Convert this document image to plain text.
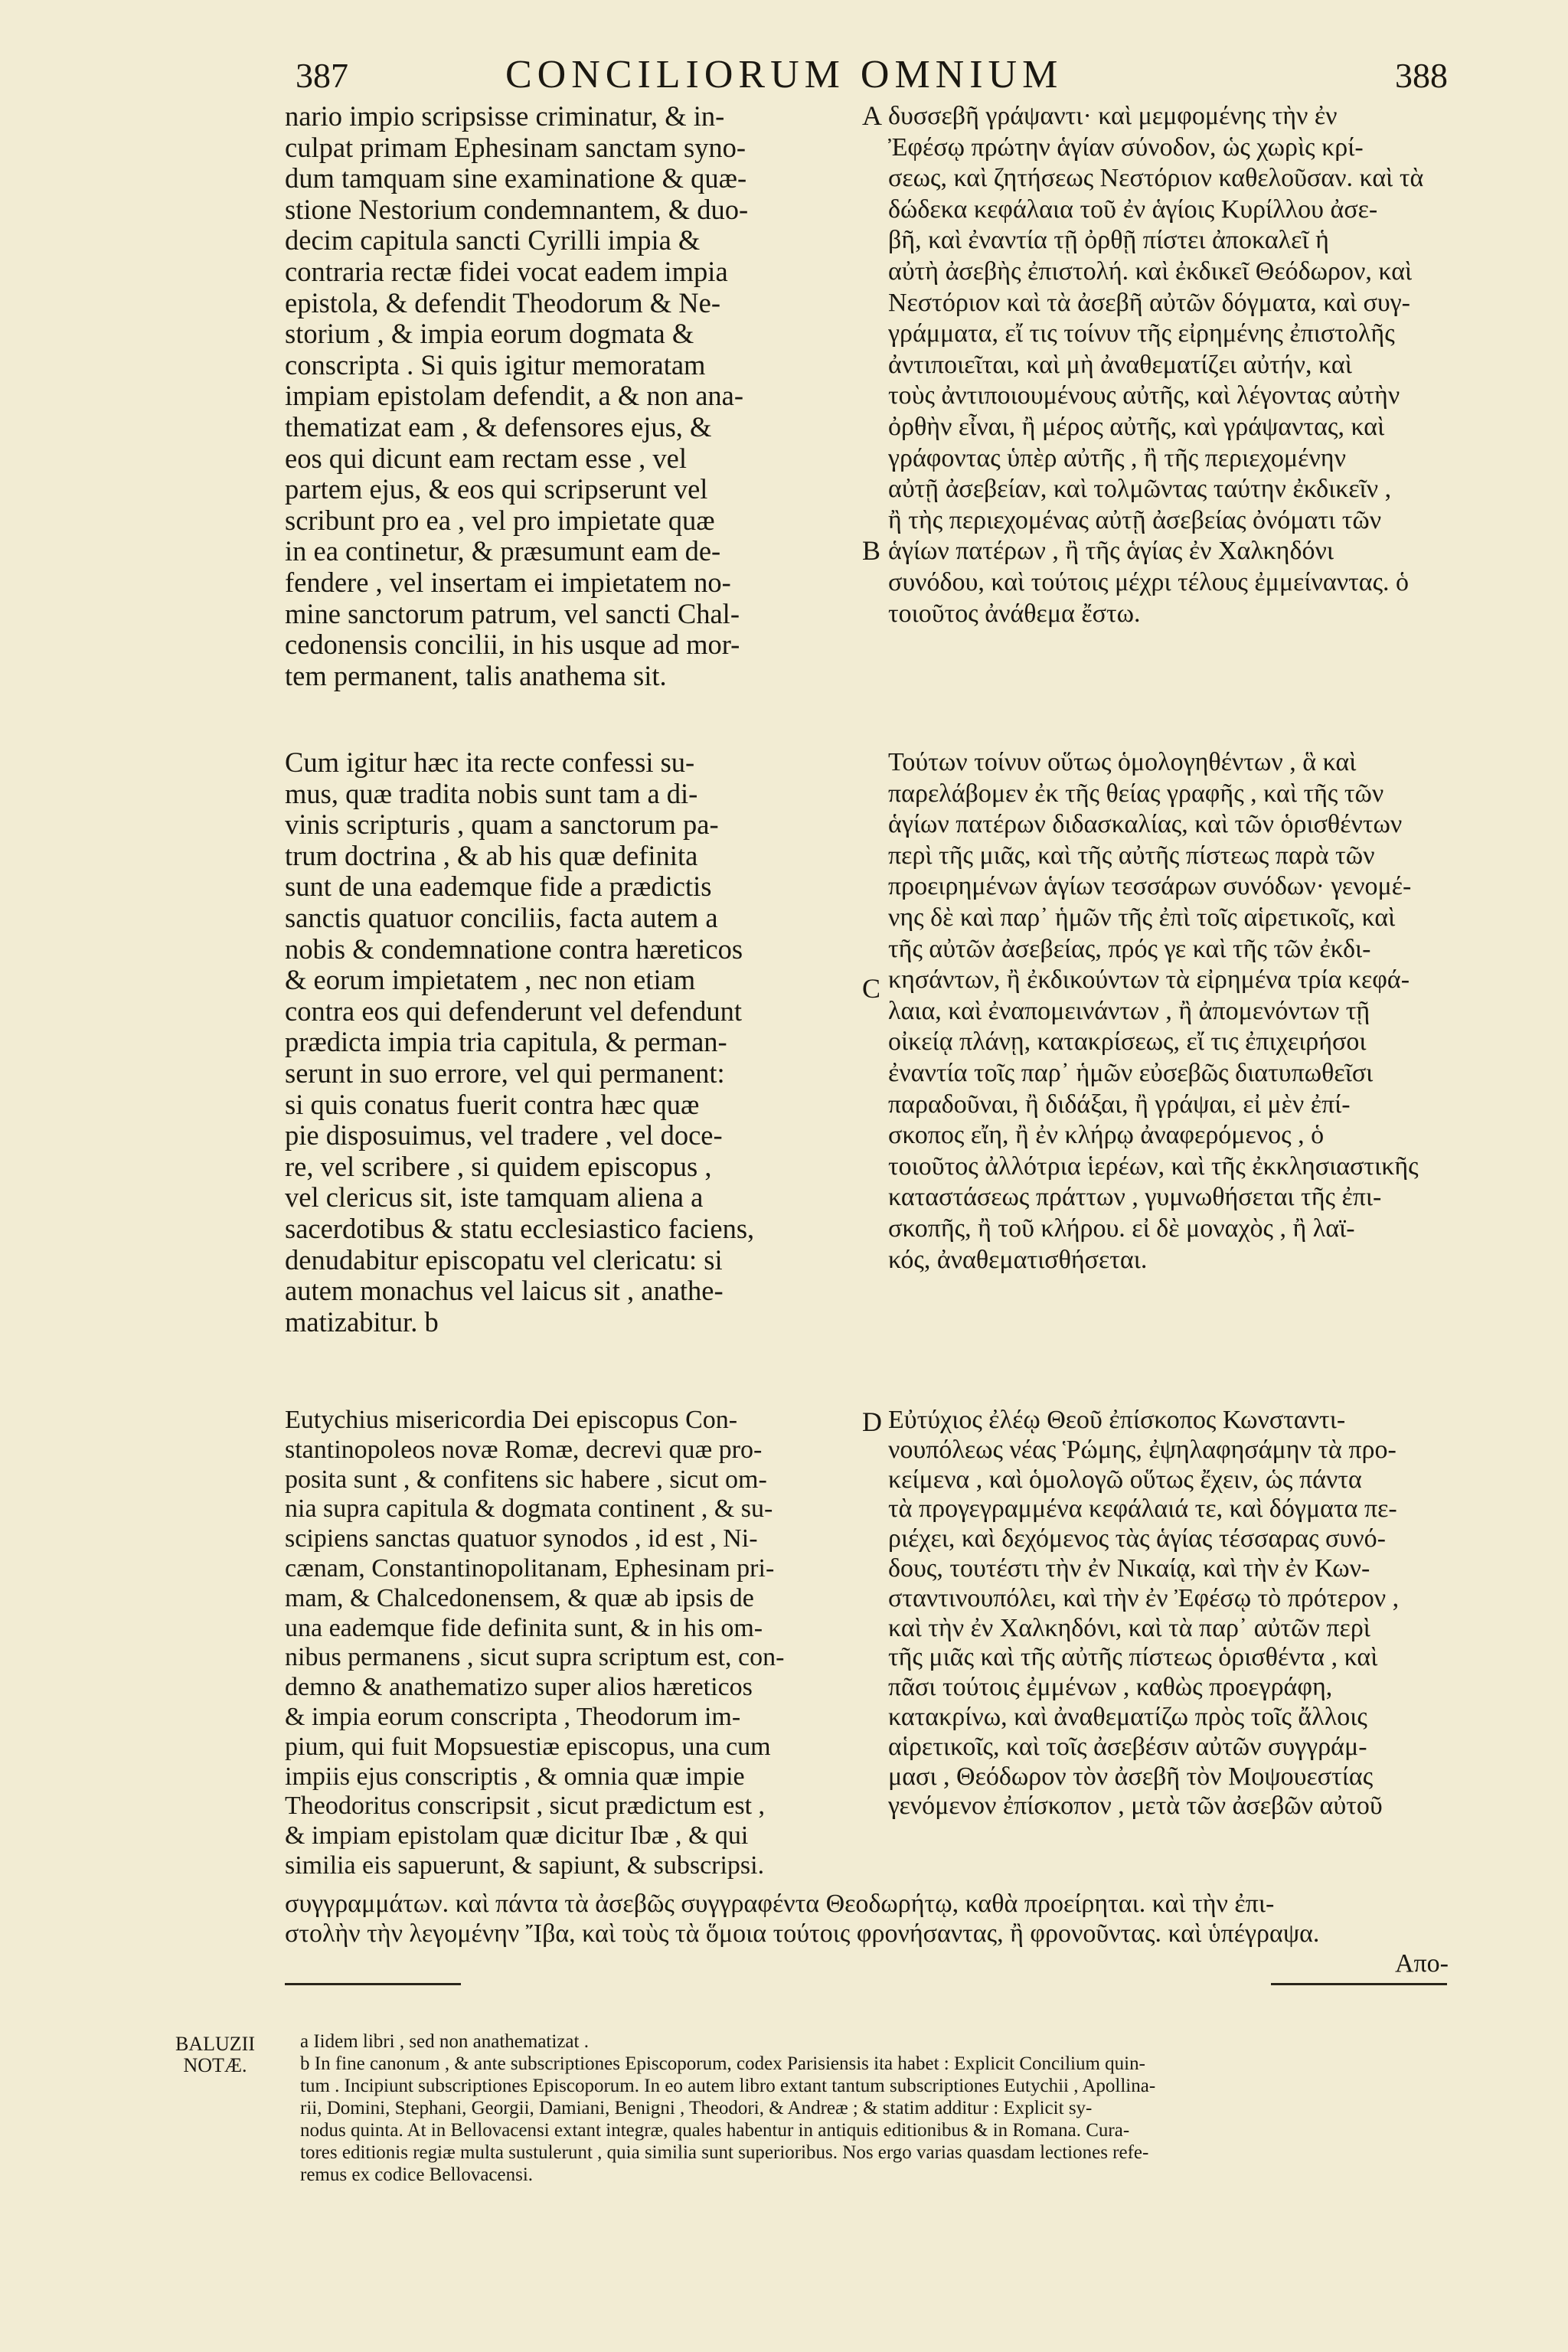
387	CONCILIORUM OMNIUM	388
A
B
C
D
nario impio scripsisse criminatur, & in-
culpat primam Ephesinam sanctam syno-
dum tamquam sine examinatione & quæ-
stione Nestorium condemnantem, & duo-
decim capitula sancti Cyrilli impia &
contraria rectæ fidei vocat eadem impia
epistola, & defendit Theodorum & Ne-
storium , & impia eorum dogmata &
conscripta . Si quis igitur memoratam
impiam epistolam defendit, a & non ana-
thematizat eam , & defensores ejus, &
eos qui dicunt eam rectam esse , vel
partem ejus, & eos qui scripserunt vel
scribunt pro ea , vel pro impietate quæ
in ea continetur, & præsumunt eam de-
fendere , vel insertam ei impietatem no-
mine sanctorum patrum, vel sancti Chal-
cedonensis concilii, in his usque ad mor-
tem permanent, talis anathema sit.
δυσσεβῆ γράψαντι· καὶ μεμφομένης τὴν ἐν
Ἐφέσῳ πρώτην ἁγίαν σύνοδον, ὡς χωρὶς κρί-
σεως, καὶ ζητήσεως Νεστόριον καθελοῦσαν. καὶ τὰ
δώδεκα κεφάλαια τοῦ ἐν ἁγίοις Κυρίλλου ἀσε-
βῆ, καὶ ἐναντία τῇ ὀρθῇ πίστει ἀποκαλεῖ ἡ
αὐτὴ ἀσεβὴς ἐπιστολή. καὶ ἐκδικεῖ Θεόδωρον, καὶ
Νεστόριον καὶ τὰ ἀσεβῆ αὐτῶν δόγματα, καὶ συγ-
γράμματα, εἴ τις τοίνυν τῆς εἰρημένης ἐπιστολῆς
ἀντιποιεῖται, καὶ μὴ ἀναθεματίζει αὐτήν, καὶ
τοὺς ἀντιποιουμένους αὐτῆς, καὶ λέγοντας αὐτὴν
ὀρθὴν εἶναι, ἢ μέρος αὐτῆς, καὶ γράψαντας, καὶ
γράφοντας ὑπὲρ αὐτῆς , ἢ τῆς περιεχομένην
αὐτῇ ἀσεβείαν, καὶ τολμῶντας ταύτην ἐκδικεῖν ,
ἢ τὴς περιεχομένας αὐτῇ ἀσεβείας ὀνόματι τῶν
ἁγίων πατέρων , ἢ τῆς ἁγίας ἐν Χαλκηδόνι
συνόδου, καὶ τούτοις μέχρι τέλους ἐμμείναντας. ὁ
τοιοῦτος ἀνάθεμα ἔστω.
Cum igitur hæc ita recte confessi su-
mus, quæ tradita nobis sunt tam a di-
vinis scripturis , quam a sanctorum pa-
trum doctrina , & ab his quæ definita
sunt de una eademque fide a prædictis
sanctis quatuor conciliis, facta autem a
nobis & condemnatione contra hæreticos
& eorum impietatem , nec non etiam
contra eos qui defenderunt vel defendunt
prædicta impia tria capitula, & perman-
serunt in suo errore, vel qui permanent:
si quis conatus fuerit contra hæc quæ
pie disposuimus, vel tradere , vel doce-
re, vel scribere , si quidem episcopus ,
vel clericus sit, iste tamquam aliena a
sacerdotibus & statu ecclesiastico faciens,
denudabitur episcopatu vel clericatu: si
autem monachus vel laicus sit , anathe-
matizabitur. b
Τούτων τοίνυν οὕτως ὁμολογηθέντων , ἃ καὶ
παρελάβομεν ἐκ τῆς θείας γραφῆς , καὶ τῆς τῶν
ἁγίων πατέρων διδασκαλίας, καὶ τῶν ὁρισθέντων
περὶ τῆς μιᾶς, καὶ τῆς αὐτῆς πίστεως παρὰ τῶν
προειρημένων ἁγίων τεσσάρων συνόδων· γενομέ-
νης δὲ καὶ παρ᾽ ἡμῶν τῆς ἐπὶ τοῖς αἱρετικοῖς, καὶ
τῆς αὐτῶν ἀσεβείας, πρός γε καὶ τῆς τῶν ἐκδι-
κησάντων, ἢ ἐκδικούντων τὰ εἰρημένα τρία κεφά-
λαια, καὶ ἐναπομεινάντων , ἢ ἀπομενόντων τῇ
οἰκείᾳ πλάνῃ, κατακρίσεως, εἴ τις ἐπιχειρήσοι
ἐναντία τοῖς παρ᾽ ἡμῶν εὐσεβῶς διατυπωθεῖσι
παραδοῦναι, ἢ διδάξαι, ἢ γράψαι, εἰ μὲν ἐπί-
σκοπος εἴη, ἢ ἐν κλήρῳ ἀναφερόμενος , ὁ
τοιοῦτος ἀλλότρια ἱερέων, καὶ τῆς ἐκκλησιαστικῆς
καταστάσεως πράττων , γυμνωθήσεται τῆς ἐπι-
σκοπῆς, ἢ τοῦ κλήρου. εἰ δὲ μοναχὸς , ἢ λαϊ-
κός, ἀναθεματισθήσεται.
Eutychius misericordia Dei episcopus Con-
stantinopoleos novæ Romæ, decrevi quæ pro-
posita sunt , & confitens sic habere , sicut om-
nia supra capitula & dogmata continent , & su-
scipiens sanctas quatuor synodos , id est , Ni-
cænam, Constantinopolitanam, Ephesinam pri-
mam, & Chalcedonensem, & quæ ab ipsis de
una eademque fide definita sunt, & in his om-
nibus permanens , sicut supra scriptum est, con-
demno & anathematizo super alios hæreticos
& impia eorum conscripta , Theodorum im-
pium, qui fuit Mopsuestiæ episcopus, una cum
impiis ejus conscriptis , & omnia quæ impie
Theodoritus conscripsit , sicut prædictum est ,
& impiam epistolam quæ dicitur Ibæ , & qui
similia eis sapuerunt, & sapiunt, & subscripsi.
Εὐτύχιος ἐλέῳ Θεοῦ ἐπίσκοπος Κωνσταντι-
νουπόλεως νέας Ῥώμης, ἐψηλαφησάμην τὰ προ-
κείμενα , καὶ ὁμολογῶ οὕτως ἔχειν, ὡς πάντα
τὰ προγεγραμμένα κεφάλαιά τε, καὶ δόγματα πε-
ριέχει, καὶ δεχόμενος τὰς ἁγίας τέσσαρας συνό-
δους, τουτέστι τὴν ἐν Νικαίᾳ, καὶ τὴν ἐν Κων-
σταντινουπόλει, καὶ τὴν ἐν Ἐφέσῳ τὸ πρότερον ,
καὶ τὴν ἐν Χαλκηδόνι, καὶ τὰ παρ᾽ αὐτῶν περὶ
τῆς μιᾶς καὶ τῆς αὐτῆς πίστεως ὁρισθέντα , καὶ
πᾶσι τούτοις ἐμμένων , καθὼς προεγράφη,
κατακρίνω, καὶ ἀναθεματίζω πρὸς τοῖς ἄλλοις
αἱρετικοῖς, καὶ τοῖς ἀσεβέσιν αὐτῶν συγγράμ-
μασι , Θεόδωρον τὸν ἀσεβῆ τὸν Μοψουεστίας
γενόμενον ἐπίσκοπον , μετὰ τῶν ἀσεβῶν αὐτοῦ
συγγραμμάτων. καὶ πάντα τὰ ἀσεβῶς συγγραφέντα Θεοδωρήτῳ, καθὰ προείρηται. καὶ τὴν ἐπι-
στολὴν τὴν λεγομένην Ἴβα, καὶ τοὺς τὰ ὅμοια τούτοις φρονήσαντας, ἢ φρονοῦντας. καὶ ὑπέγραψα.
Απο-
BALUZII
NOTÆ.
a Iidem libri , sed non anathematizat .
b In fine canonum , & ante subscriptiones Episcoporum, codex Parisiensis ita habet : Explicit Concilium quin-
tum . Incipiunt subscriptiones Episcoporum. In eo autem libro extant tantum subscriptiones Eutychii , Apollina-
rii, Domini, Stephani, Georgii, Damiani, Benigni , Theodori, & Andreæ ; & statim additur : Explicit sy-
nodus quinta. At in Bellovacensi extant integræ, quales habentur in antiquis editionibus & in Romana. Cura-
tores editionis regiæ multa sustulerunt , quia similia sunt superioribus. Nos ergo varias quasdam lectiones refe-
remus ex codice Bellovacensi.
